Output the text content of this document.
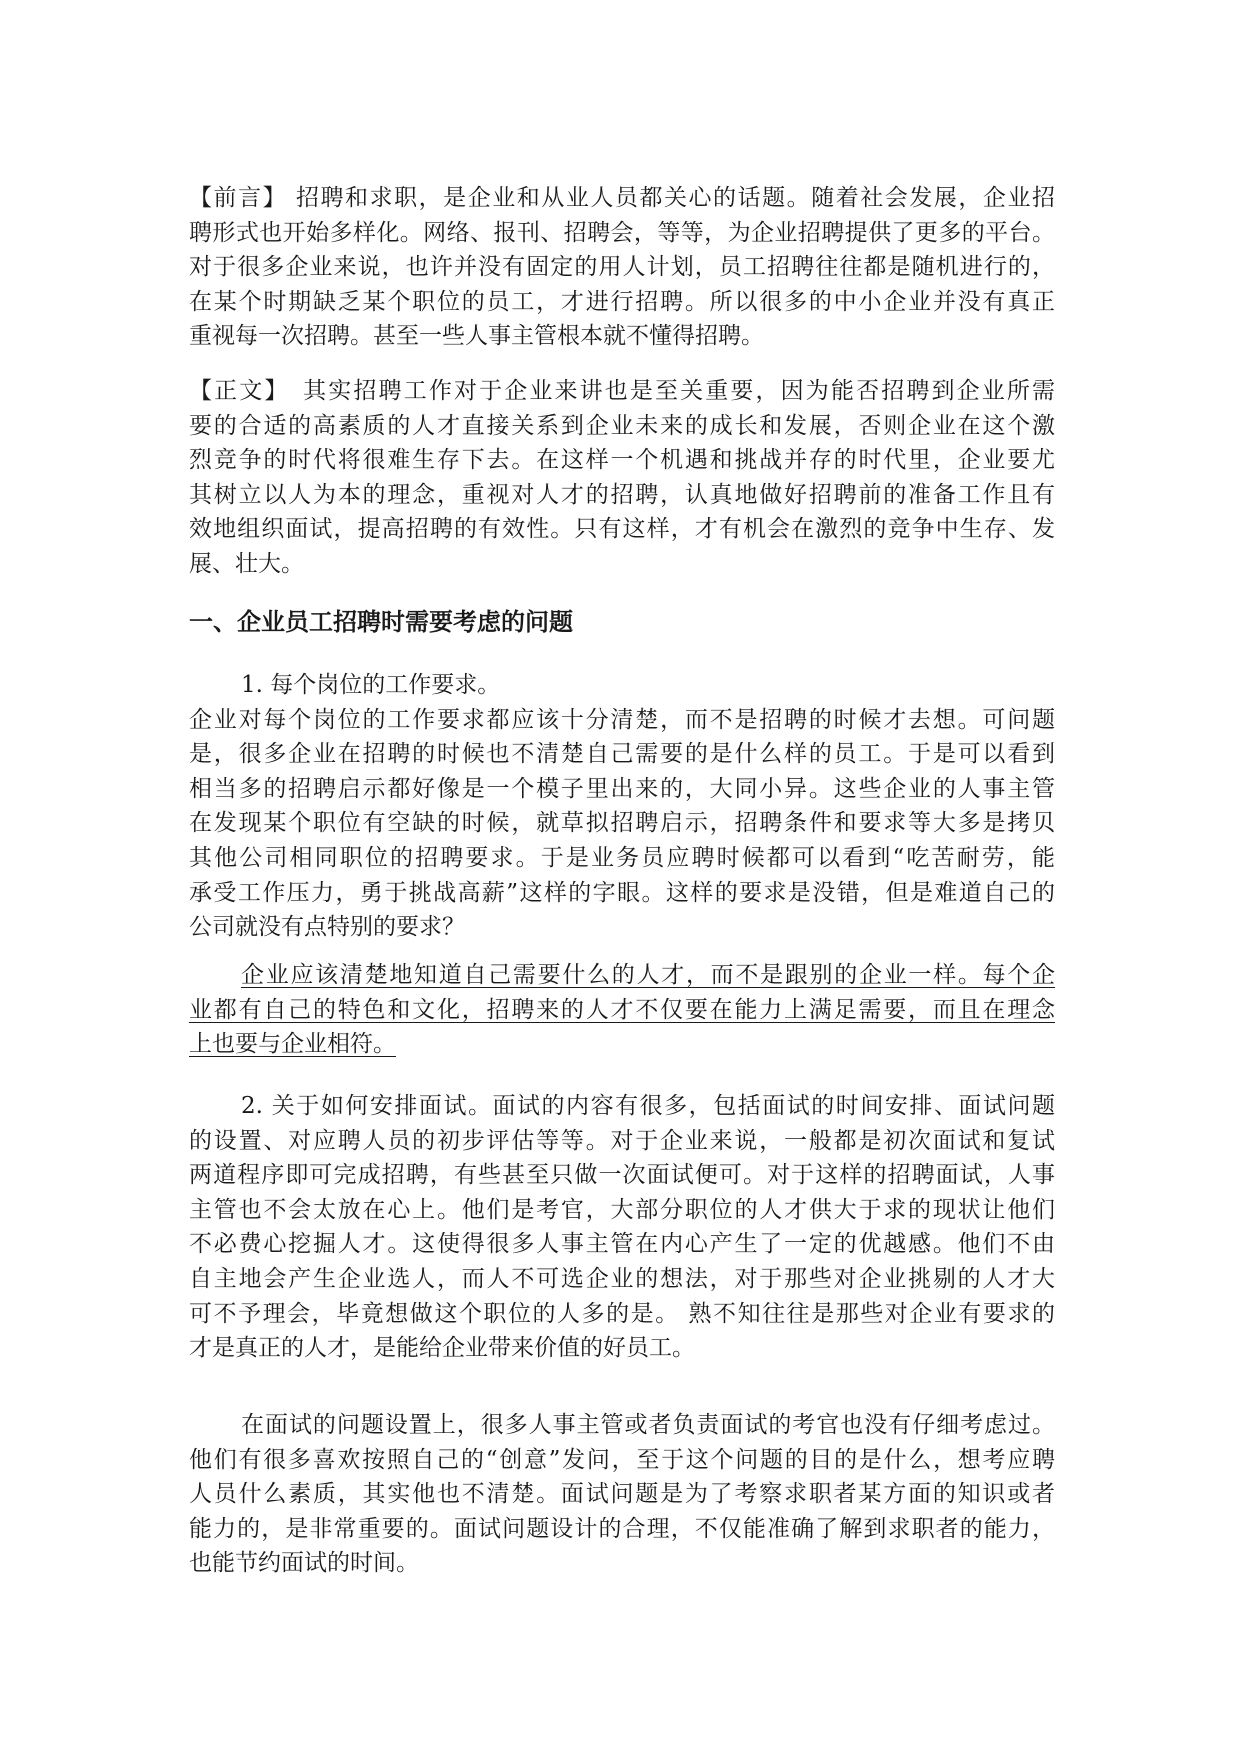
【前言】 招聘和求职，是企业和从业人员都关心的话题。随着社会发展，企业招

聘形式也开始多样化。网络、报刊、招聘会，等等，为企业招聘提供了更多的平台。

对于很多企业来说，也许并没有固定的用人计划，员工招聘往往都是随机进行的，

在某个时期缺乏某个职位的员工，才进行招聘。所以很多的中小企业并没有真正

重视每一次招聘。甚至一些人事主管根本就不懂得招聘。

【正文】　其实招聘工作对于企业来讲也是至关重要，因为能否招聘到企业所需

要的合适的高素质的人才直接关系到企业未来的成长和发展，否则企业在这个激

烈竞争的时代将很难生存下去。在这样一个机遇和挑战并存的时代里，企业要尤

其树立以人为本的理念，重视对人才的招聘，认真地做好招聘前的准备工作且有

效地组织面试，提高招聘的有效性。只有这样，才有机会在激烈的竞争中生存、发

展、壮大。

一、企业员工招聘时需要考虑的问题

1. 每个岗位的工作要求。

企业对每个岗位的工作要求都应该十分清楚，而不是招聘的时候才去想。可问题

是，很多企业在招聘的时候也不清楚自己需要的是什么样的员工。于是可以看到

相当多的招聘启示都好像是一个模子里出来的，大同小异。这些企业的人事主管

在发现某个职位有空缺的时候，就草拟招聘启示，招聘条件和要求等大多是拷贝

其他公司相同职位的招聘要求。于是业务员应聘时候都可以看到“吃苦耐劳，能

承受工作压力，勇于挑战高薪”这样的字眼。这样的要求是没错，但是难道自己的

公司就没有点特别的要求？

企业应该清楚地知道自己需要什么的人才，而不是跟别的企业一样。每个企

业都有自己的特色和文化，招聘来的人才不仅要在能力上满足需要，而且在理念

上也要与企业相符。

2. 关于如何安排面试。面试的内容有很多，包括面试的时间安排、面试问题

的设置、对应聘人员的初步评估等等。对于企业来说，一般都是初次面试和复试

两道程序即可完成招聘，有些甚至只做一次面试便可。对于这样的招聘面试，人事

主管也不会太放在心上。他们是考官，大部分职位的人才供大于求的现状让他们

不必费心挖掘人才。这使得很多人事主管在内心产生了一定的优越感。他们不由

自主地会产生企业选人，而人不可选企业的想法，对于那些对企业挑剔的人才大

可不予理会，毕竟想做这个职位的人多的是。 熟不知往往是那些对企业有要求的

才是真正的人才，是能给企业带来价值的好员工。

在面试的问题设置上，很多人事主管或者负责面试的考官也没有仔细考虑过。

他们有很多喜欢按照自己的“创意”发问，至于这个问题的目的是什么，想考应聘

人员什么素质，其实他也不清楚。面试问题是为了考察求职者某方面的知识或者

能力的，是非常重要的。面试问题设计的合理，不仅能准确了解到求职者的能力，

也能节约面试的时间。
